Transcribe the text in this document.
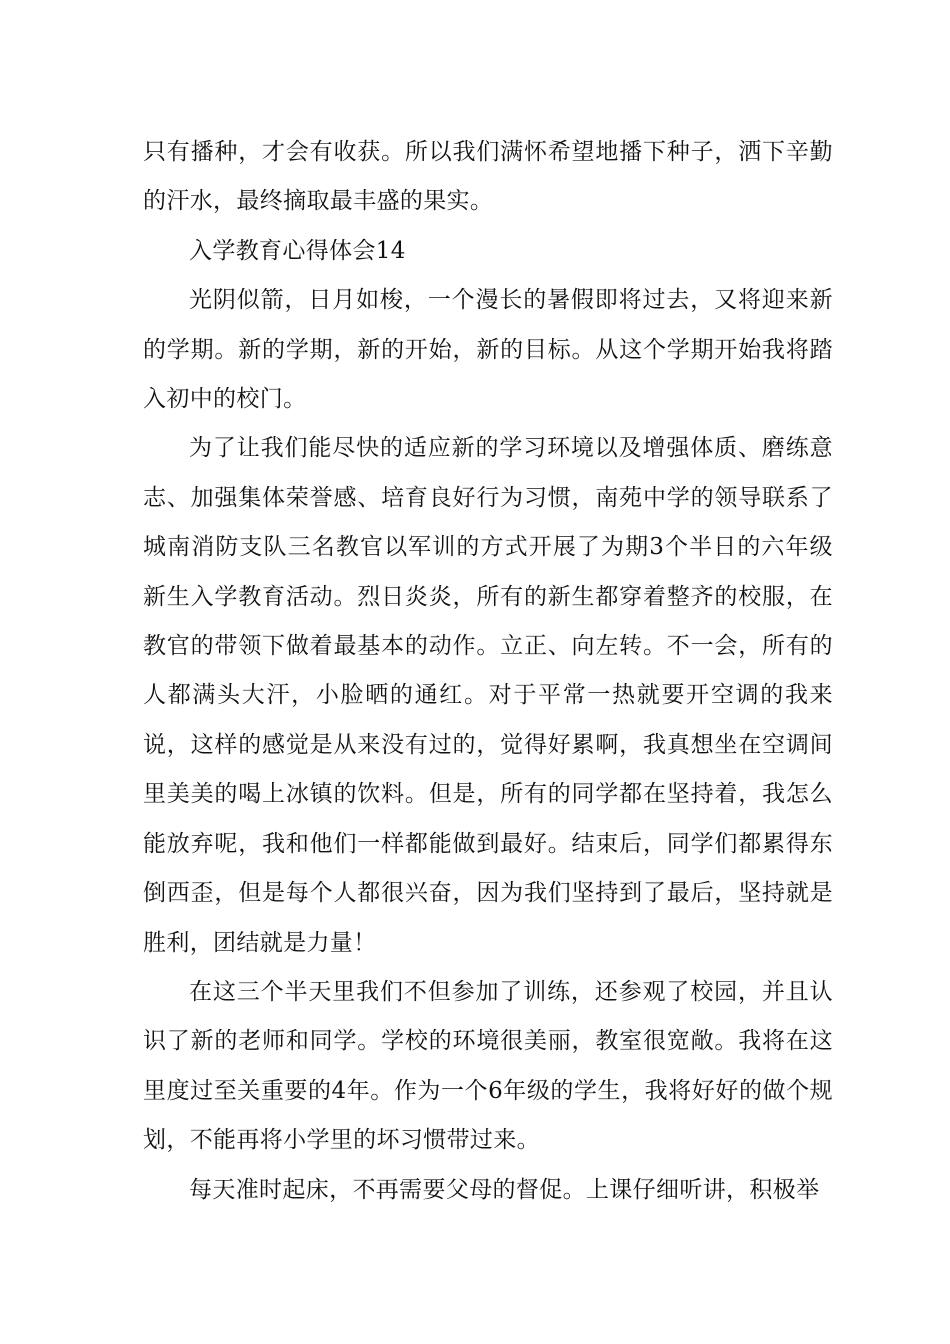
只有播种，才会有收获。所以我们满怀希望地播下种子，洒下辛勤的汗水，最终摘取最丰盛的果实。

入学教育心得体会14

光阴似箭，日月如梭，一个漫长的暑假即将过去，又将迎来新的学期。新的学期，新的开始，新的目标。从这个学期开始我将踏入初中的校门。

为了让我们能尽快的适应新的学习环境以及增强体质、磨练意志、加强集体荣誉感、培育良好行为习惯，南苑中学的领导联系了城南消防支队三名教官以军训的方式开展了为期3个半日的六年级新生入学教育活动。烈日炎炎，所有的新生都穿着整齐的校服，在教官的带领下做着最基本的动作。立正、向左转。不一会，所有的人都满头大汗，小脸晒的通红。对于平常一热就要开空调的我来说，这样的感觉是从来没有过的，觉得好累啊，我真想坐在空调间里美美的喝上冰镇的饮料。但是，所有的同学都在坚持着，我怎么能放弃呢，我和他们一样都能做到最好。结束后，同学们都累得东倒西歪，但是每个人都很兴奋，因为我们坚持到了最后，坚持就是胜利，团结就是力量！

在这三个半天里我们不但参加了训练，还参观了校园，并且认识了新的老师和同学。学校的环境很美丽，教室很宽敞。我将在这里度过至关重要的4年。作为一个6年级的学生，我将好好的做个规划，不能再将小学里的坏习惯带过来。

每天准时起床，不再需要父母的督促。上课仔细听讲，积极举
